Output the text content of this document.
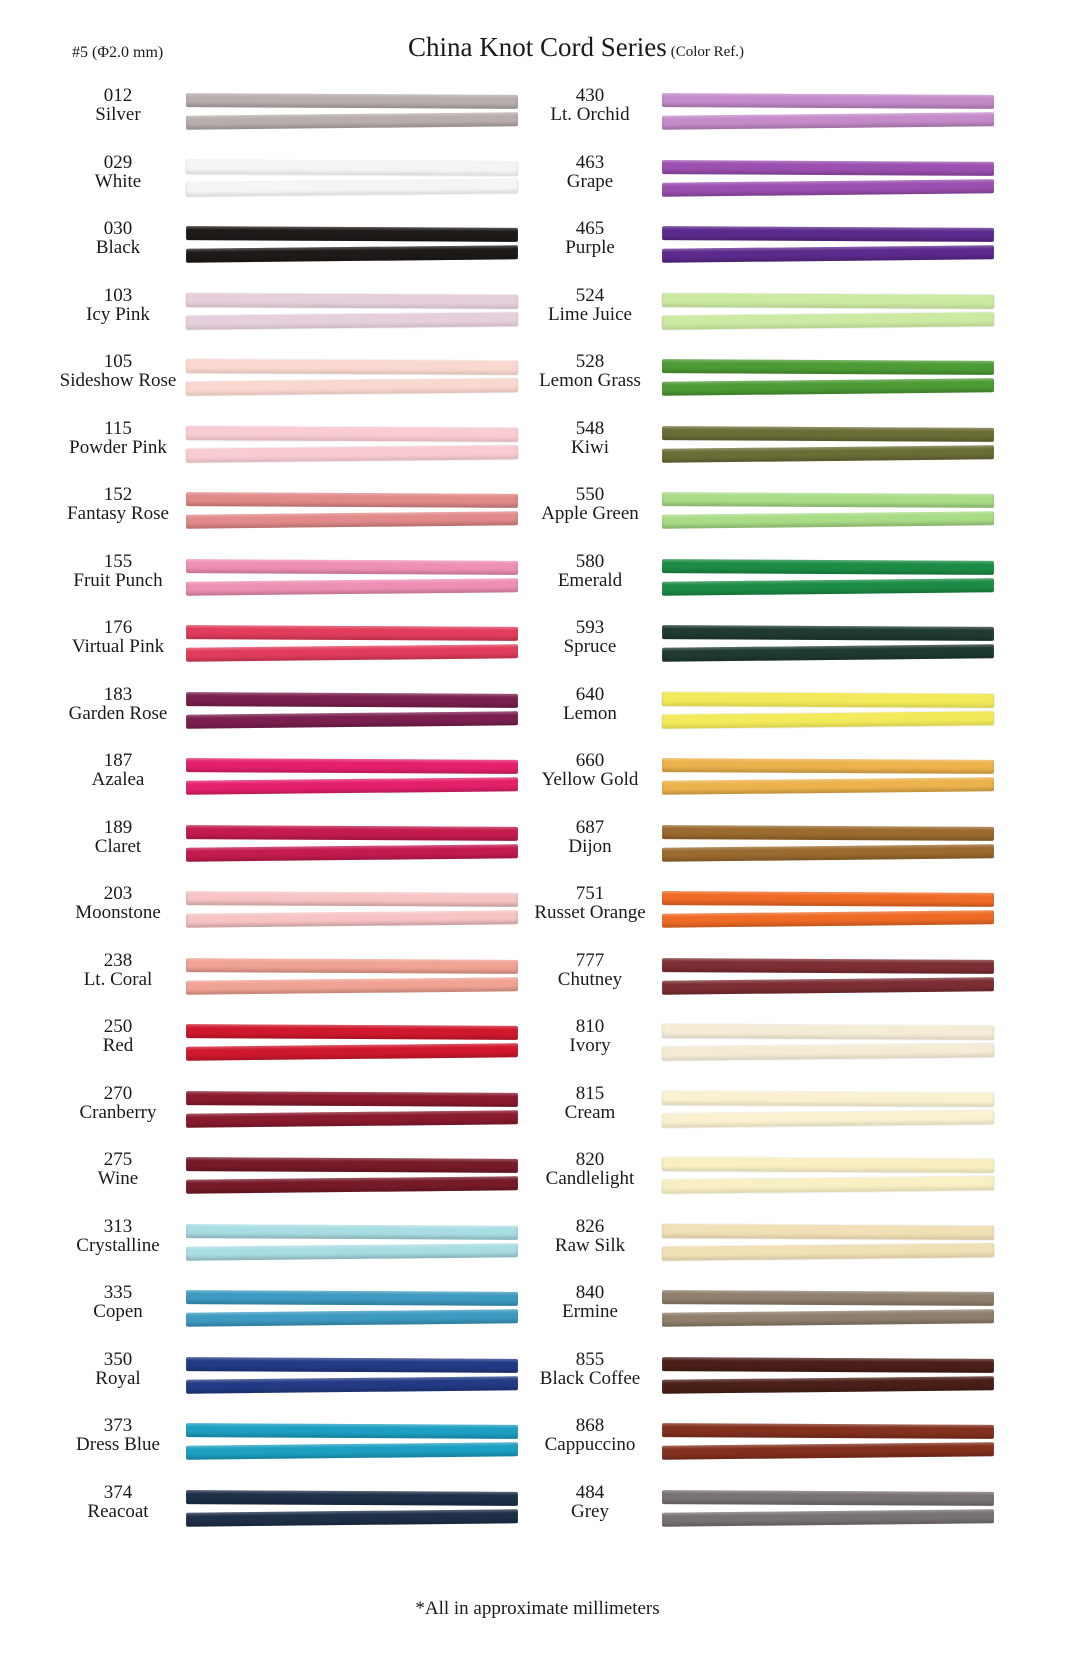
#5 (Φ2.0 mm)	China Knot Cord Series (Color Ref.)
012
Silver
029
White
030
Black
103
Icy Pink
105
Sideshow Rose
115
Powder Pink
152
Fantasy Rose
155
Fruit Punch
176
Virtual Pink
183
Garden Rose
187
Azalea
189
Claret
203
Moonstone
238
Lt. Coral
250
Red
270
Cranberry
275
Wine
313
Crystalline
335
Copen
350
Royal
373
Dress Blue
374
Reacoat
430
Lt. Orchid
463
Grape
465
Purple
524
Lime Juice
528
Lemon Grass
548
Kiwi
550
Apple Green
580
Emerald
593
Spruce
640
Lemon
660
Yellow Gold
687
Dijon
751
Russet Orange
777
Chutney
810
Ivory
815
Cream
820
Candlelight
826
Raw Silk
840
Ermine
855
Black Coffee
868
Cappuccino
484
Grey
*All in approximate millimeters
